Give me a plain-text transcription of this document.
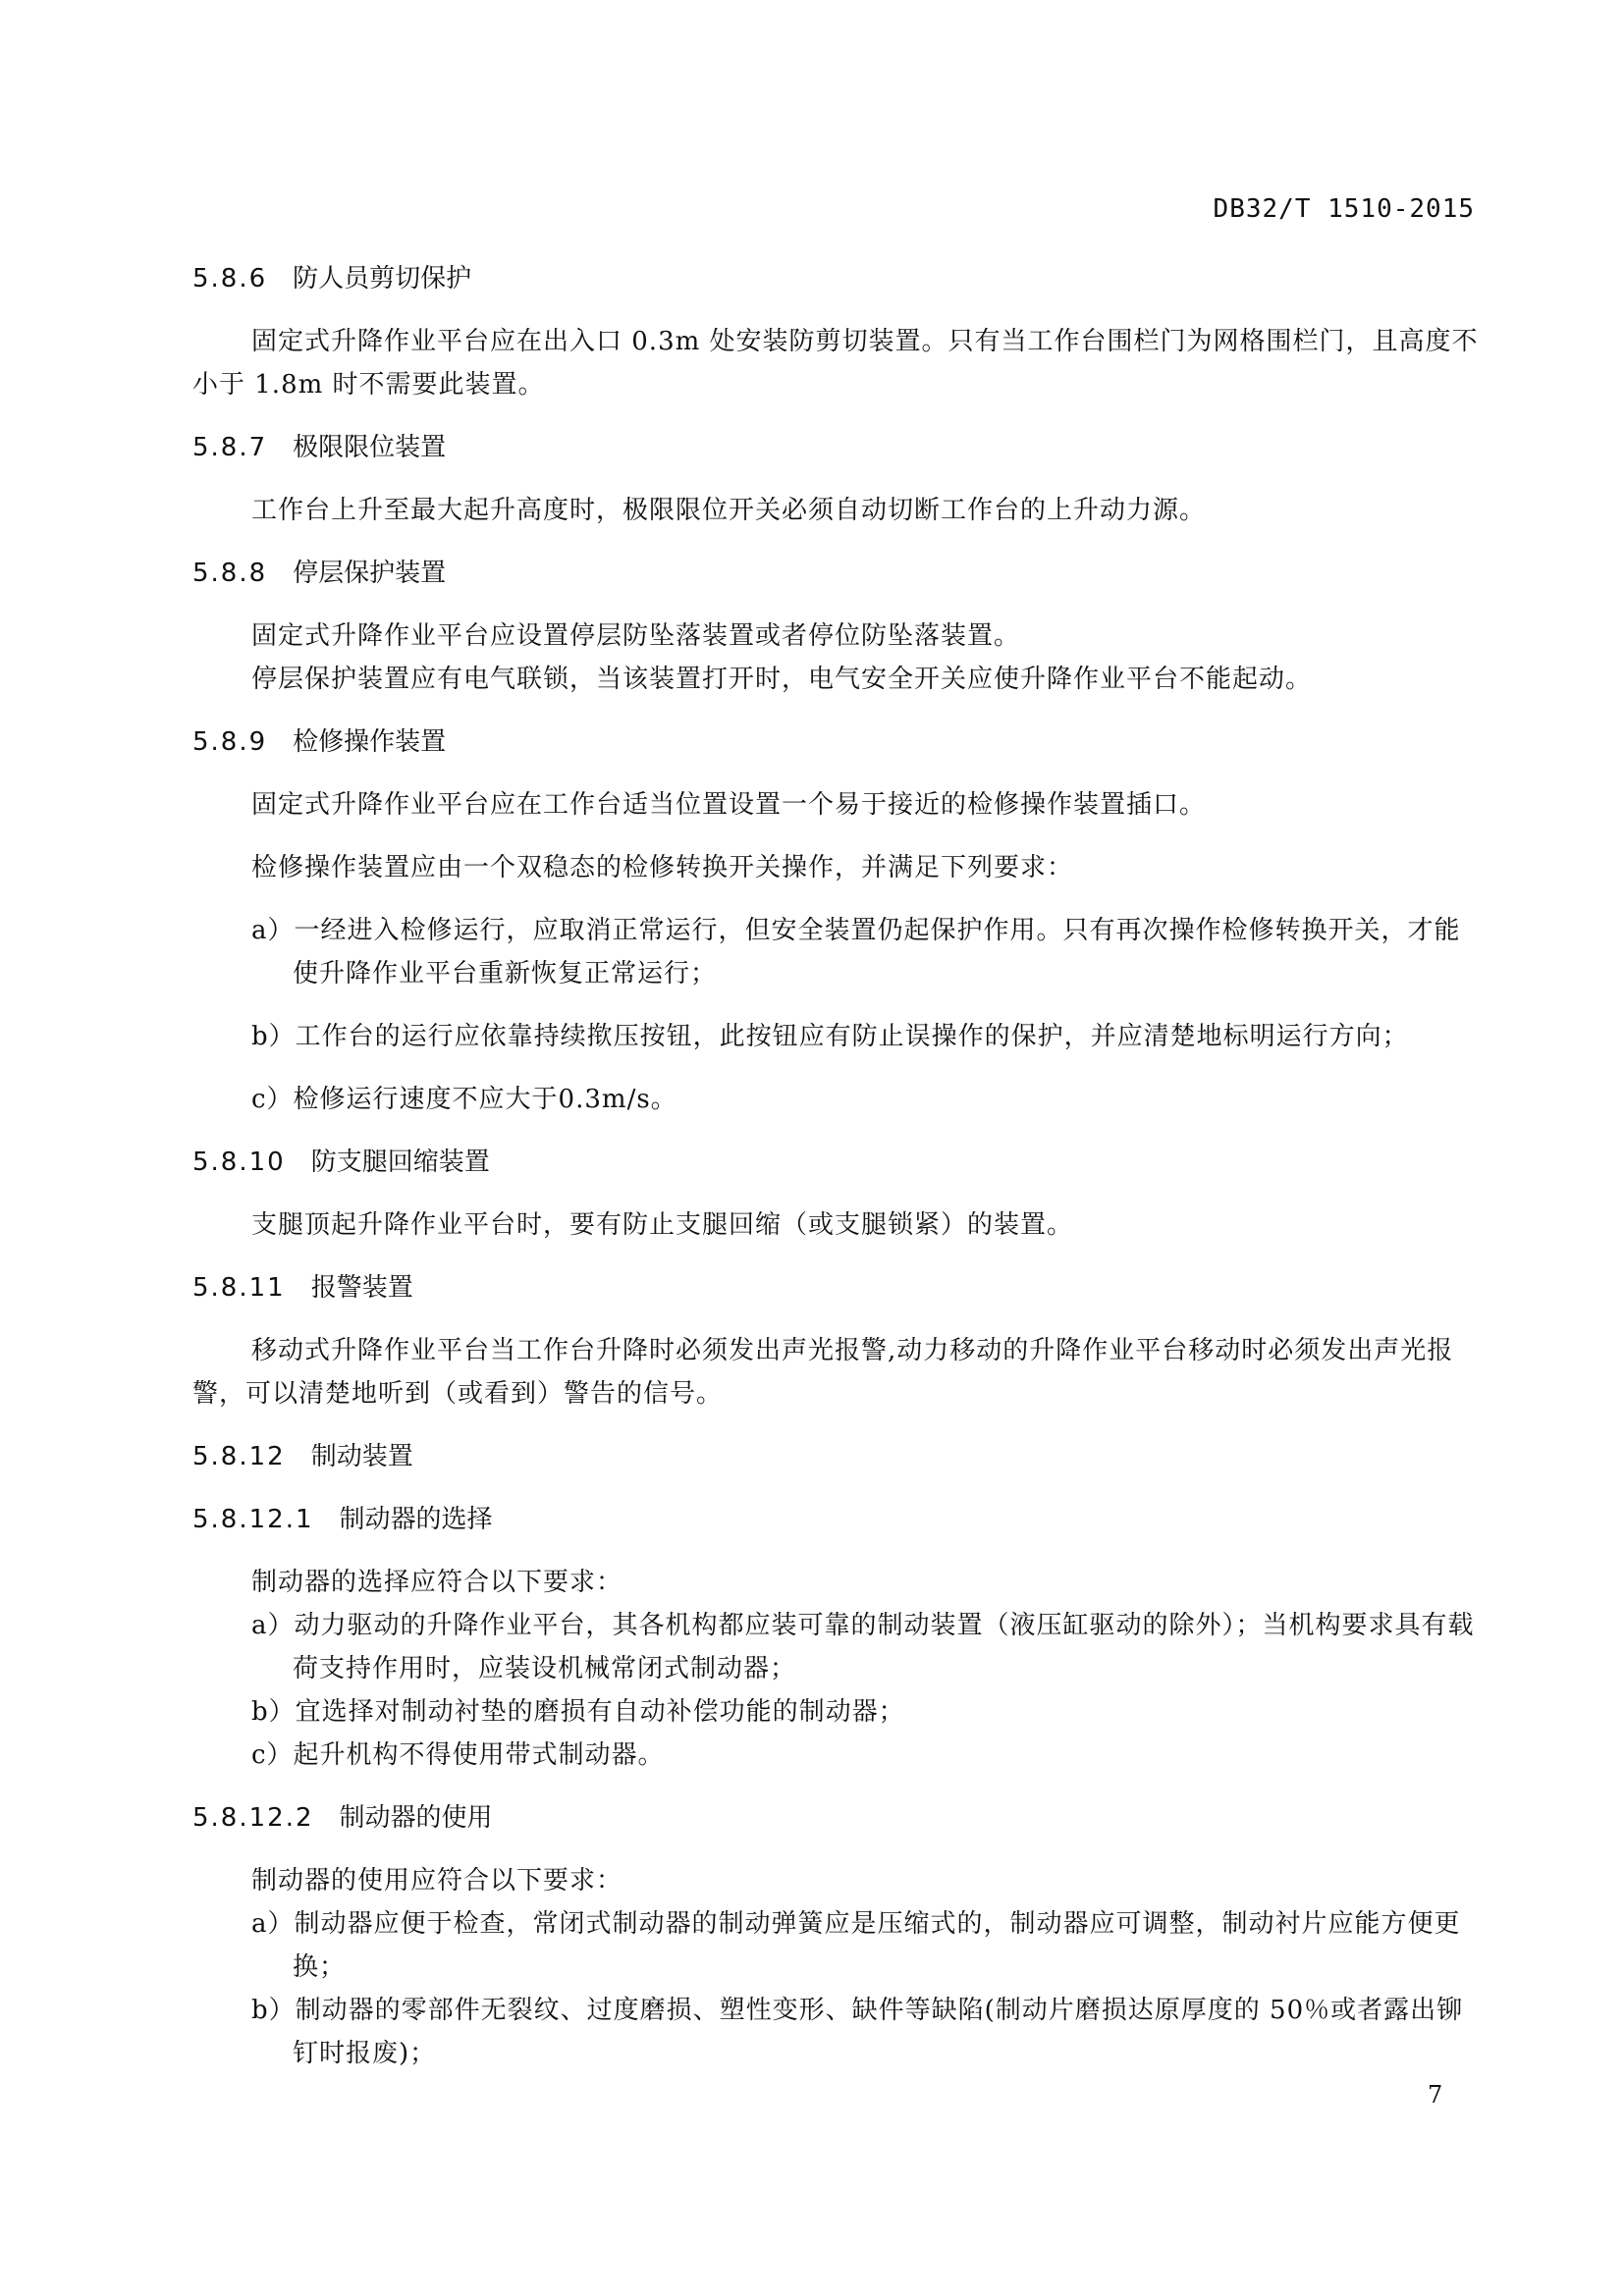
DB32/T 1510-2015

5.8.6 防人员剪切保护

固定式升降作业平台应在出入口 0.3m 处安装防剪切装置。只有当工作台围栏门为网格围栏门，且高度不小于 1.8m 时不需要此装置。

5.8.7 极限限位装置

工作台上升至最大起升高度时，极限限位开关必须自动切断工作台的上升动力源。

5.8.8 停层保护装置

固定式升降作业平台应设置停层防坠落装置或者停位防坠落装置。

停层保护装置应有电气联锁，当该装置打开时，电气安全开关应使升降作业平台不能起动。

5.8.9 检修操作装置

固定式升降作业平台应在工作台适当位置设置一个易于接近的检修操作装置插口。

检修操作装置应由一个双稳态的检修转换开关操作，并满足下列要求：

a）一经进入检修运行，应取消正常运行，但安全装置仍起保护作用。只有再次操作检修转换开关，才能使升降作业平台重新恢复正常运行；

b）工作台的运行应依靠持续揿压按钮，此按钮应有防止误操作的保护，并应清楚地标明运行方向；

c）检修运行速度不应大于0.3m/s。

5.8.10 防支腿回缩装置

支腿顶起升降作业平台时，要有防止支腿回缩（或支腿锁紧）的装置。

5.8.11 报警装置

移动式升降作业平台当工作台升降时必须发出声光报警,动力移动的升降作业平台移动时必须发出声光报警，可以清楚地听到（或看到）警告的信号。

5.8.12 制动装置

5.8.12.1 制动器的选择

制动器的选择应符合以下要求：

a）动力驱动的升降作业平台，其各机构都应装可靠的制动装置（液压缸驱动的除外）；当机构要求具有载荷支持作用时，应装设机械常闭式制动器；

b）宜选择对制动衬垫的磨损有自动补偿功能的制动器；

c）起升机构不得使用带式制动器。

5.8.12.2 制动器的使用

制动器的使用应符合以下要求：

a）制动器应便于检查，常闭式制动器的制动弹簧应是压缩式的，制动器应可调整，制动衬片应能方便更换；

b）制动器的零部件无裂纹、过度磨损、塑性变形、缺件等缺陷(制动片磨损达原厚度的 50％或者露出铆钉时报废)；

7
